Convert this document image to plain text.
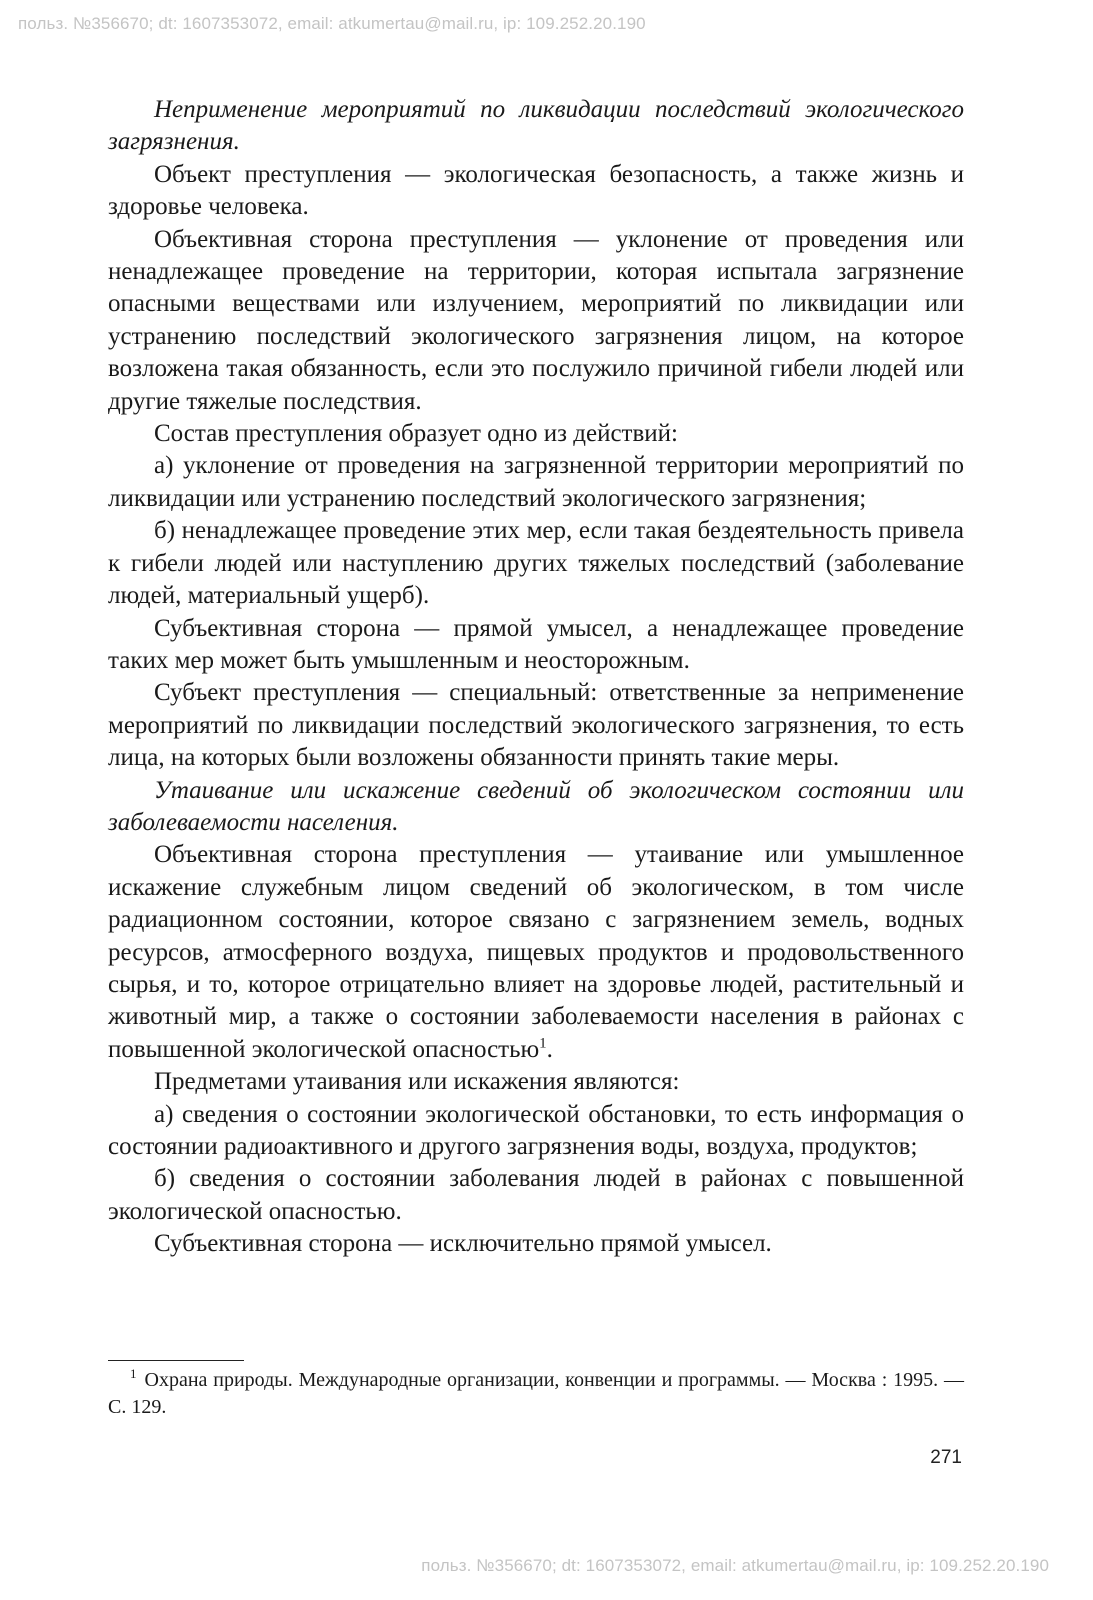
польз. №356670; dt: 1607353072, email: atkumertau@mail.ru, ip: 109.252.20.190

Неприменение мероприятий по ликвидации последствий экологического загрязнения.

Объект преступления — экологическая безопасность, а также жизнь и здоровье человека.

Объективная сторона преступления — уклонение от проведения или ненадлежащее проведение на территории, которая испытала загрязнение опасными веществами или излучением, мероприятий по ликвидации или устранению последствий экологического загрязнения лицом, на которое возложена такая обязанность, если это послужило причиной гибели людей или другие тяжелые последствия.

Состав преступления образует одно из действий:

а) уклонение от проведения на загрязненной территории мероприятий по ликвидации или устранению последствий экологического загрязнения;

б) ненадлежащее проведение этих мер, если такая бездеятельность привела к гибели людей или наступлению других тяжелых последствий (заболевание людей, материальный ущерб).

Субъективная сторона — прямой умысел, а ненадлежащее проведение таких мер может быть умышленным и неосторожным.

Субъект преступления — специальный: ответственные за неприменение мероприятий по ликвидации последствий экологического загрязнения, то есть лица, на которых были возложены обязанности принять такие меры.

Утаивание или искажение сведений об экологическом состоянии или заболеваемости населения.

Объективная сторона преступления — утаивание или умышленное искажение служебным лицом сведений об экологическом, в том числе радиационном состоянии, которое связано с загрязнением земель, водных ресурсов, атмосферного воздуха, пищевых продуктов и продовольственного сырья, и то, которое отрицательно влияет на здоровье людей, растительный и животный мир, а также о состоянии заболеваемости населения в районах с повышенной экологической опасностью$^1$.

Предметами утаивания или искажения являются:

а) сведения о состоянии экологической обстановки, то есть информация о состоянии радиоактивного и другого загрязнения воды, воздуха, продуктов;

б) сведения о состоянии заболевания людей в районах с повышенной экологической опасностью.

Субъективная сторона — исключительно прямой умысел.

$^1$ Охрана природы. Международные организации, конвенции и программы. — Москва : 1995. — С. 129.

271
польз. №356670; dt: 1607353072, email: atkumertau@mail.ru, ip: 109.252.20.190
